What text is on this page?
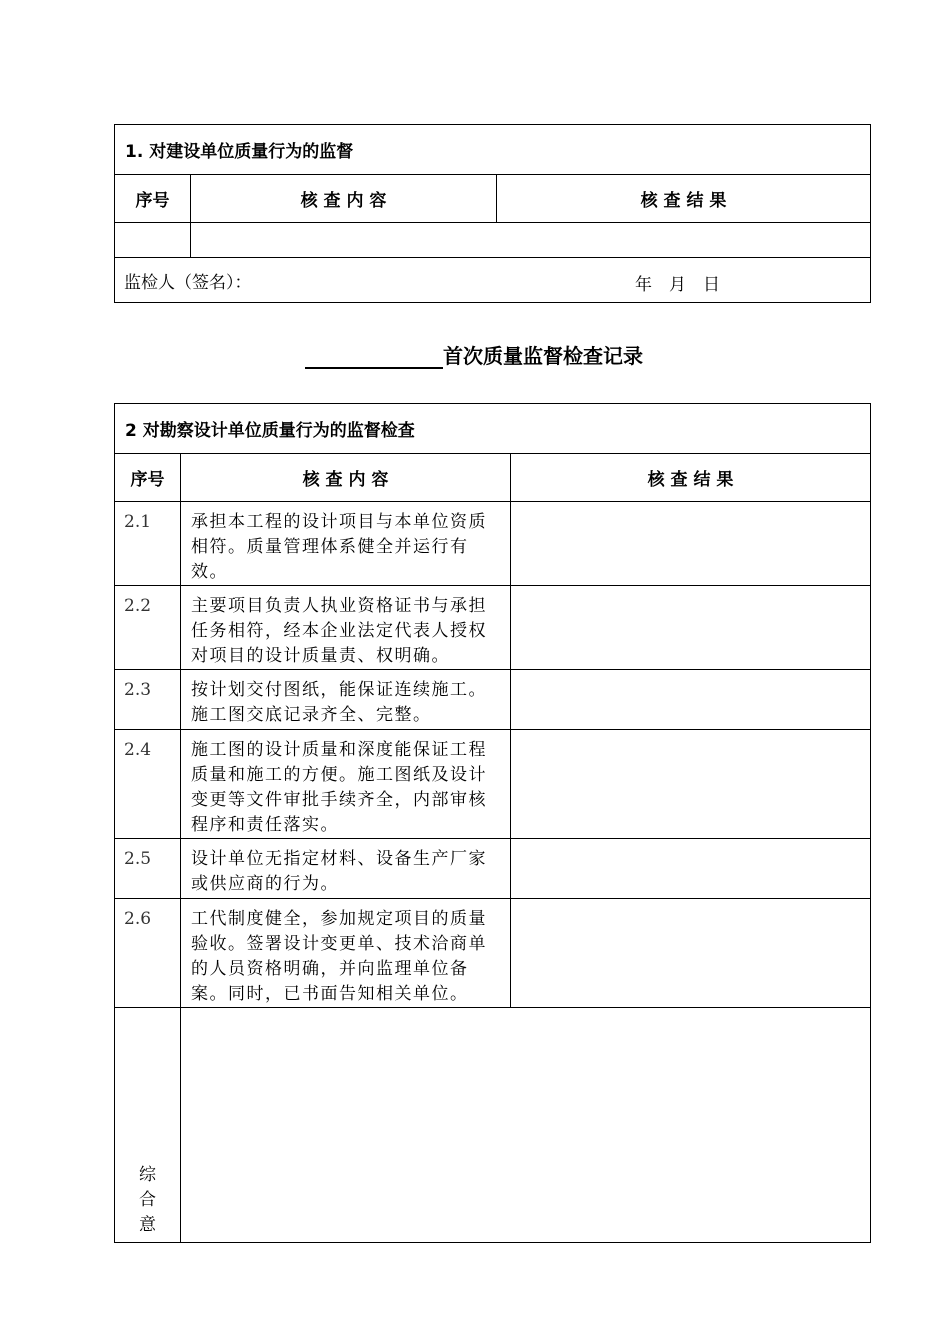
1. 对建设单位质量行为的监督		
序号	核 查 内 容	核 查 结 果

监检人（签名）： 年　月　日		
首次质量监督检查记录
2 对勘察设计单位质量行为的监督检查		
序号	核 查 内 容	核 查 结 果
2.1	承担本工程的设计项目与本单位资质相符。质量管理体系健全并运行有效。	
2.2	主要项目负责人执业资格证书与承担任务相符，经本企业法定代表人授权对项目的设计质量责、权明确。	
2.3	按计划交付图纸，能保证连续施工。施工图交底记录齐全、完整。	
2.4	施工图的设计质量和深度能保证工程质量和施工的方便。施工图纸及设计变更等文件审批手续齐全，内部审核程序和责任落实。	
2.5	设计单位无指定材料、设备生产厂家或供应商的行为。	
2.6	工代制度健全，参加规定项目的质量验收。签署设计变更单、技术洽商单的人员资格明确，并向监理单位备案。同时，已书面告知相关单位。	

综
合
意		
